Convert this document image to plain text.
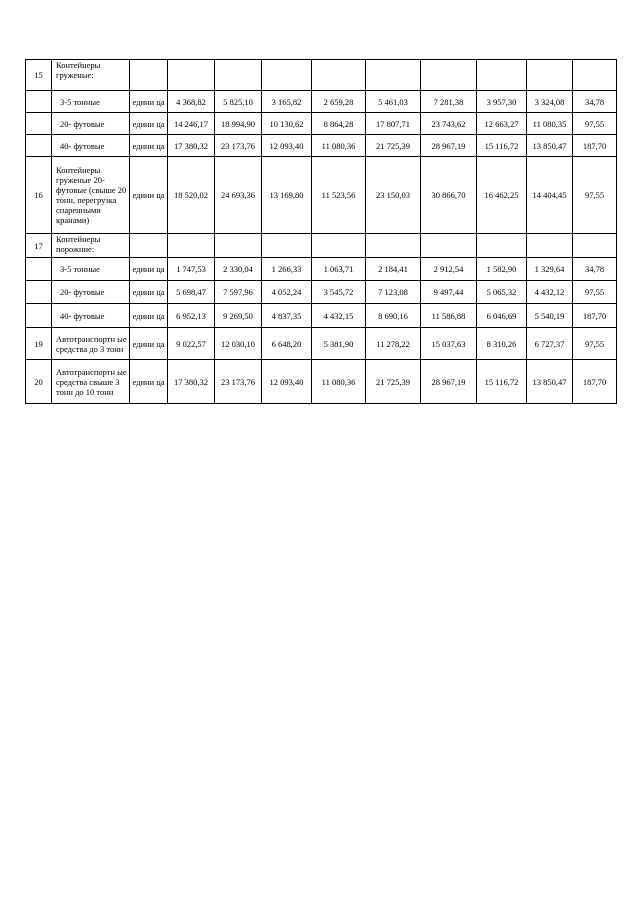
15	Контейнеры груженые:										
	3-5 тонные	едини ца	4 368,82	5 825,10	3 165,82	2 659,28	5 461,03	7 281,38	3 957,30	3 324,08	34,78
	20- футовые	едини ца	14 246,17	18 994,90	10 130,62	8 864,28	17 807,71	23 743,62	12 663,27	11 080,35	97,55
	40- футовые	едини ца	17 380,32	23 173,76	12 093,40	11 080,36	21 725,39	28 967,19	15 116,72	13 850,47	187,70
16	Контейнеры груженые 20-футовые (свыше 20 тонн, перегрузка спаренными кранами)	едини ца	18 520,02	24 693,36	13 169,80	11 523,56	23 150,03	30 866,70	16 462,25	14 404,45	97,55
17	Контейнеры порожние:										
	3-5 тонные	едини ца	1 747,53	2 330,04	1 266,33	1 063,71	2 184,41	2 912,54	1 582,90	1 329,64	34,78
	20- футовые	едини ца	5 698,47	7 597,96	4 052,24	3 545,72	7 123,08	9 497,44	5 065,32	4 432,12	97,55
	40- футовые	едини ца	6 952,13	9 269,50	4 837,35	4 432,15	8 690,16	11 586,88	6 046,69	5 540,19	187,70
19	Автотранспортн ые средства до 3 тонн	едини ца	9 022,57	12 030,10	6 648,20	5 381,90	11 278,22	15 037,63	8 310,26	6 727,37	97,55
20	Автотранспортн ые средства свыше 3 тонн до 10 тонн	едини ца	17 380,32	23 173,76	12 093,40	11 080,36	21 725,39	28 967,19	15 116,72	13 850,47	187,70
